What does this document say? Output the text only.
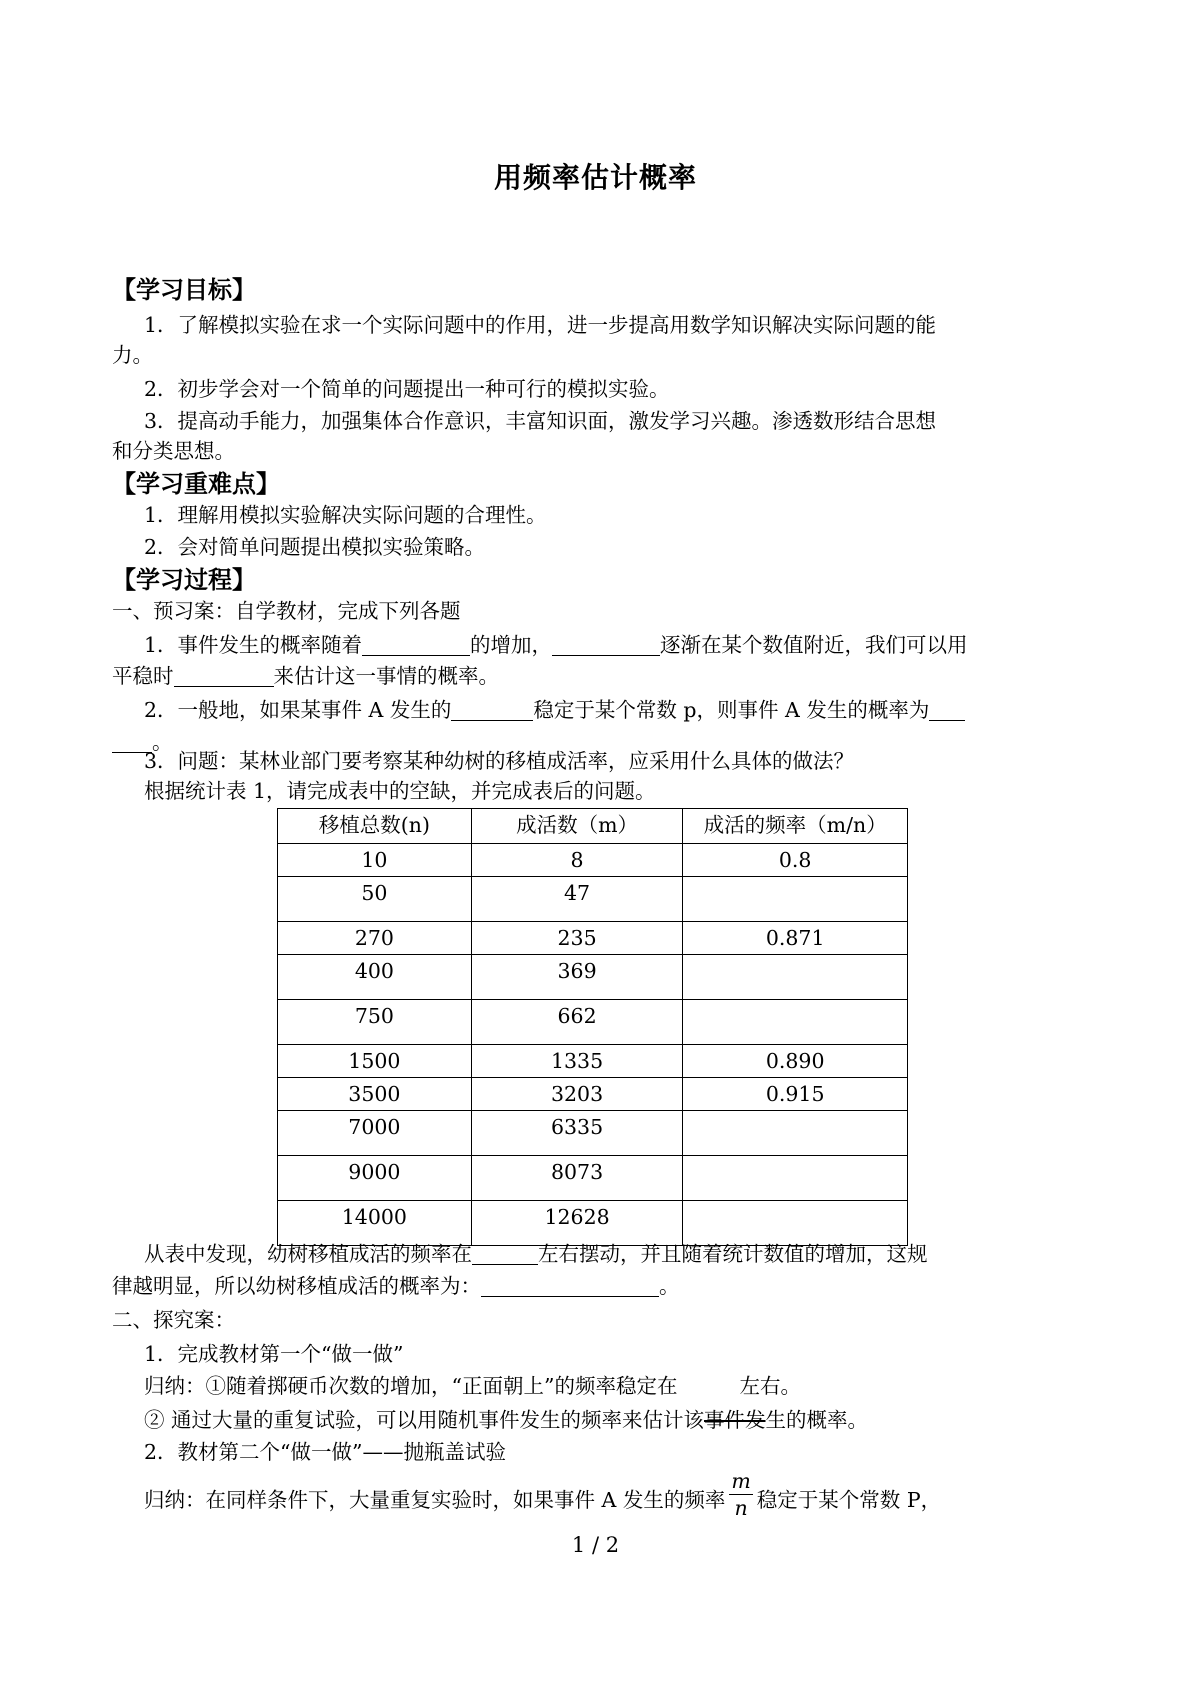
用频率估计概率
【学习目标】
1．了解模拟实验在求一个实际问题中的作用，进一步提高用数学知识解决实际问题的能
力。
2．初步学会对一个简单的问题提出一种可行的模拟实验。
3．提高动手能力，加强集体合作意识，丰富知识面，激发学习兴趣。渗透数形结合思想
和分类思想。
【学习重难点】
1．理解用模拟实验解决实际问题的合理性。
2．会对简单问题提出模拟实验策略。
【学习过程】
一、预习案：自学教材，完成下列各题
1．事件发生的概率随着	的增加，	逐渐在某个数值附近，我们可以用
平稳时	来估计这一事情的概率。
2．一般地，如果某事件 A 发生的	稳定于某个常数 p，则事件 A 发生的概率为
。
3．问题：某林业部门要考察某种幼树的移植成活率，应采用什么具体的做法？
根据统计表 1，请完成表中的空缺，并完成表后的问题。
移植总数(n)	成活数（m）	成活的频率（m/n）
10	8	0.8
50	47	
270	235	0.871
400	369	
750	662	
1500	1335	0.890
3500	3203	0.915
7000	6335	
9000	8073	
14000	12628	
从表中发现，幼树移植成活的频率在	左右摆动，并且随着统计数值的增加，这规
律越明显，所以幼树移植成活的概率为：	。
二、探究案：
1．完成教材第一个“做一做”
归纳：①随着掷硬币次数的增加，“正面朝上”的频率稳定在	左右。
② 通过大量的重复试验，可以用随机事件发生的频率来估计该事件发生的概率。
2．教材第二个“做一做”——抛瓶盖试验
归纳：在同样条件下，大量重复实验时，如果事件 A 发生的频率 $\frac{m}{n}$ 稳定于某个常数 P，
1 / 2
